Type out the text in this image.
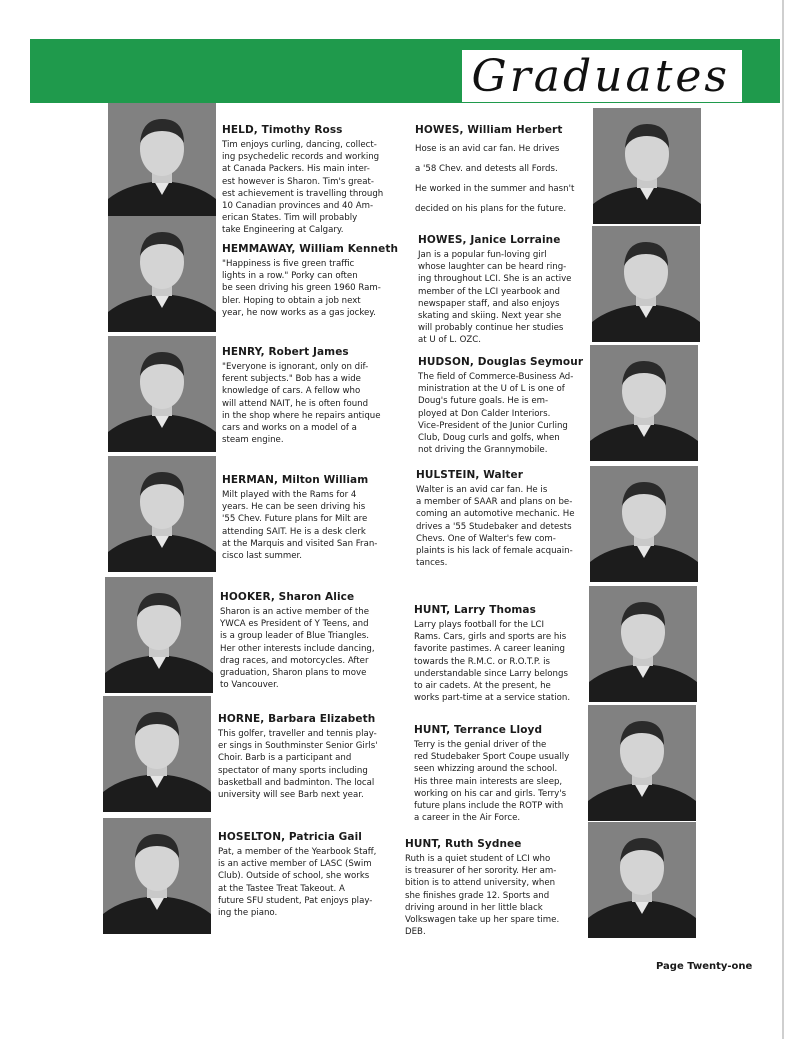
Graduates

HELD, Timothy Ross

Tim enjoys curling, dancing, collect-
ing psychedelic records and working
at Canada Packers. His main inter-
est however is Sharon. Tim's great-
est achievement is travelling through
10 Canadian provinces and 40 Am-
erican States. Tim will probably
take Engineering at Calgary.

HEMMAWAY, William Kenneth

"Happiness is five green traffic
lights in a row." Porky can often
be seen driving his green 1960 Ram-
bler. Hoping to obtain a job next
year, he now works as a gas jockey.

HENRY, Robert James

"Everyone is ignorant, only on dif-
ferent subjects." Bob has a wide
knowledge of cars. A fellow who
will attend NAIT, he is often found
in the shop where he repairs antique
cars and works on a model of a
steam engine.

HERMAN, Milton William

Milt played with the Rams for 4
years. He can be seen driving his
'55 Chev. Future plans for Milt are
attending SAIT. He is a desk clerk
at the Marquis and visited San Fran-
cisco last summer.

HOOKER, Sharon Alice

Sharon is an active member of the
YWCA es President of Y Teens, and
is a group leader of Blue Triangles.
Her other interests include dancing,
drag races, and motorcycles. After
graduation, Sharon plans to move
to Vancouver.

HORNE, Barbara Elizabeth

This golfer, traveller and tennis play-
er sings in Southminster Senior Girls'
Choir. Barb is a participant and
spectator of many sports including
basketball and badminton. The local
university will see Barb next year.

HOSELTON, Patricia Gail

Pat, a member of the Yearbook Staff,
is an active member of LASC (Swim
Club). Outside of school, she works
at the Tastee Treat Takeout. A
future SFU student, Pat enjoys play-
ing the piano.

HOWES, William Herbert

Hose is an avid car fan. He drives
a '58 Chev. and detests all Fords.
He worked in the summer and hasn't
decided on his plans for the future.

HOWES, Janice Lorraine

Jan is a popular fun-loving girl
whose laughter can be heard ring-
ing throughout LCI. She is an active
member of the LCI yearbook and
newspaper staff, and also enjoys
skating and skiing. Next year she
will probably continue her studies
at U of L. OZC.

HUDSON, Douglas Seymour

The field of Commerce-Business Ad-
ministration at the U of L is one of
Doug's future goals. He is em-
ployed at Don Calder Interiors.
Vice-President of the Junior Curling
Club, Doug curls and golfs, when
not driving the Grannymobile.

HULSTEIN, Walter

Walter is an avid car fan. He is
a member of SAAR and plans on be-
coming an automotive mechanic. He
drives a '55 Studebaker and detests
Chevs. One of Walter's few com-
plaints is his lack of female acquain-
tances.

HUNT, Larry Thomas

Larry plays football for the LCI
Rams. Cars, girls and sports are his
favorite pastimes. A career leaning
towards the R.M.C. or R.O.T.P. is
understandable since Larry belongs
to air cadets. At the present, he
works part-time at a service station.

HUNT, Terrance Lloyd

Terry is the genial driver of the
red Studebaker Sport Coupe usually
seen whizzing around the school.
His three main interests are sleep,
working on his car and girls. Terry's
future plans include the ROTP with
a career in the Air Force.

HUNT, Ruth Sydnee

Ruth is a quiet student of LCI who
is treasurer of her sorority. Her am-
bition is to attend university, when
she finishes grade 12. Sports and
driving around in her little black
Volkswagen take up her spare time.
DEB.

Page Twenty-one
